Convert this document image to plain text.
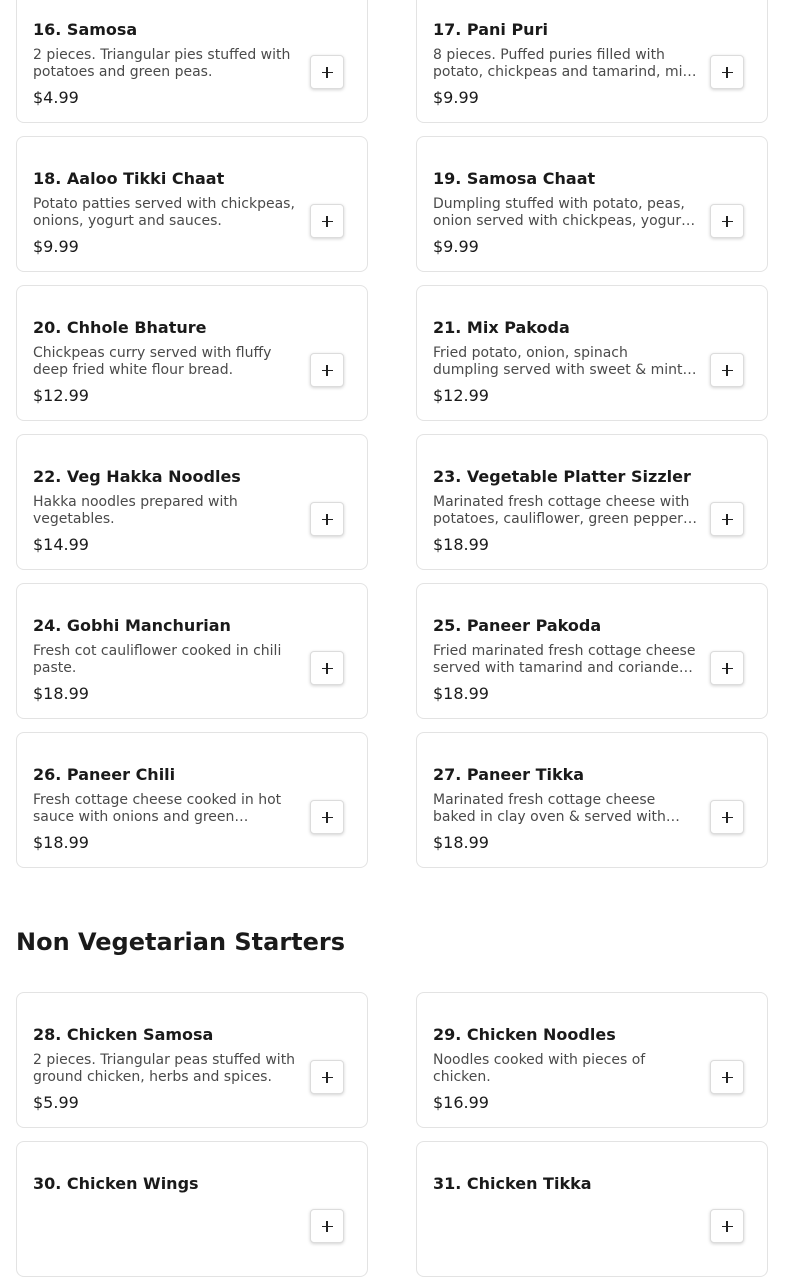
16. Samosa
2 pieces. Triangular pies stuffed with potatoes and green peas.
$4.99
17. Pani Puri
8 pieces. Puffed puries filled with potato, chickpeas and tamarind, mint
$9.99
18. Aaloo Tikki Chaat
Potato patties served with chickpeas, onions, yogurt and sauces.
$9.99
19. Samosa Chaat
Dumpling stuffed with potato, peas, onion served with chickpeas, yogurt
$9.99
20. Chhole Bhature
Chickpeas curry served with fluffy deep fried white flour bread.
$12.99
21. Mix Pakoda
Fried potato, onion, spinach dumpling served with sweet & mint
$12.99
22. Veg Hakka Noodles
Hakka noodles prepared with vegetables.
$14.99
23. Vegetable Platter Sizzler
Marinated fresh cottage cheese with potatoes, cauliflower, green peppers
$18.99
24. Gobhi Manchurian
Fresh cot cauliflower cooked in chili paste.
$18.99
25. Paneer Pakoda
Fried marinated fresh cottage cheese served with tamarind and coriander
$18.99
26. Paneer Chili
Fresh cottage cheese cooked in hot sauce with onions and green
$18.99
27. Paneer Tikka
Marinated fresh cottage cheese baked in clay oven & served with
$18.99
Non Vegetarian Starters
28. Chicken Samosa
2 pieces. Triangular peas stuffed with ground chicken, herbs and spices.
$5.99
29. Chicken Noodles
Noodles cooked with pieces of chicken.
$16.99
30. Chicken Wings	31. Chicken Tikka
